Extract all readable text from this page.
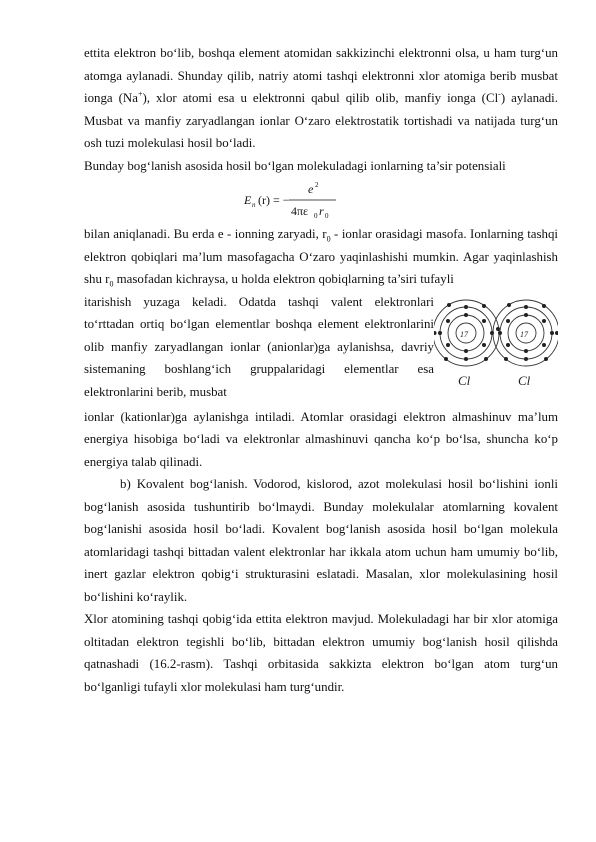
ettita elektron bo‘lib, boshqa element atomidan sakkizinchi elektronni olsa, u ham turg‘un atomga aylanadi. Shunday qilib, natriy atomi tashqi elektronni xlor atomiga berib musbat ionga (Na+), xlor atomi esa u elektronni qabul qilib olib, manfiy ionga (Cl-) aylanadi. Musbat va manfiy zaryadlangan ionlar O‘zaro elektrostatik tortishadi va natijada turg‘un osh tuzi molekulasi hosil bo‘ladi.

Bunday bog‘lanish asosida hosil bo‘lgan molekuladagi ionlarning ta’sir potensiali

E n (r) = −
e 2
4πε 0 r 0

bilan aniqlanadi. Bu erda e - ionning zaryadi, $r_0$ - ionlar orasidagi masofa. Ionlarning tashqi elektron qobiqlari ma’lum masofagacha O‘zaro yaqinlashishi mumkin. Agar yaqinlashish shu $r_0$ masofadan kichraysa, u holda elektron qobiqlarning ta’siri tufayli

itarishish yuzaga keladi. Odatda tashqi valent elektronlari to‘rttadan ortiq bo‘lgan elementlar boshqa element elektronlarini olib manfiy zaryadlangan ionlar (anionlar)ga aylanishsa, davriy sistemaning boshlang‘ich gruppalaridagi elementlar esa elektronlarini berib, musbat

17	17
Cl	Cl

ionlar (kationlar)ga aylanishga intiladi. Atomlar orasidagi elektron almashinuv ma’lum energiya hisobiga bo‘ladi va elektronlar almashinuvi qancha ko‘p bo‘lsa, shuncha ko‘p energiya talab qilinadi.

b) Kovalent bog‘lanish. Vodorod, kislorod, azot molekulasi hosil bo‘lishini ionli bog‘lanish asosida tushuntirib bo‘lmaydi. Bunday molekulalar atomlarning kovalent bog‘lanishi asosida hosil bo‘ladi. Kovalent bog‘lanish asosida hosil bo‘lgan molekula atomlaridagi tashqi bittadan valent elektronlar har ikkala atom uchun ham umumiy bo‘lib, inert gazlar elektron qobig‘i strukturasini eslatadi. Masalan, xlor molekulasining hosil bo‘lishini ko‘raylik.

Xlor atomining tashqi qobig‘ida ettita elektron mavjud. Molekuladagi har bir xlor atomiga oltitadan elektron tegishli bo‘lib, bittadan elektron umumiy bog‘lanish hosil qilishda qatnashadi (16.2-rasm). Tashqi orbitasida sakkizta elektron bo‘lgan atom turg‘un bo‘lganligi tufayli xlor molekulasi ham turg‘undir.
